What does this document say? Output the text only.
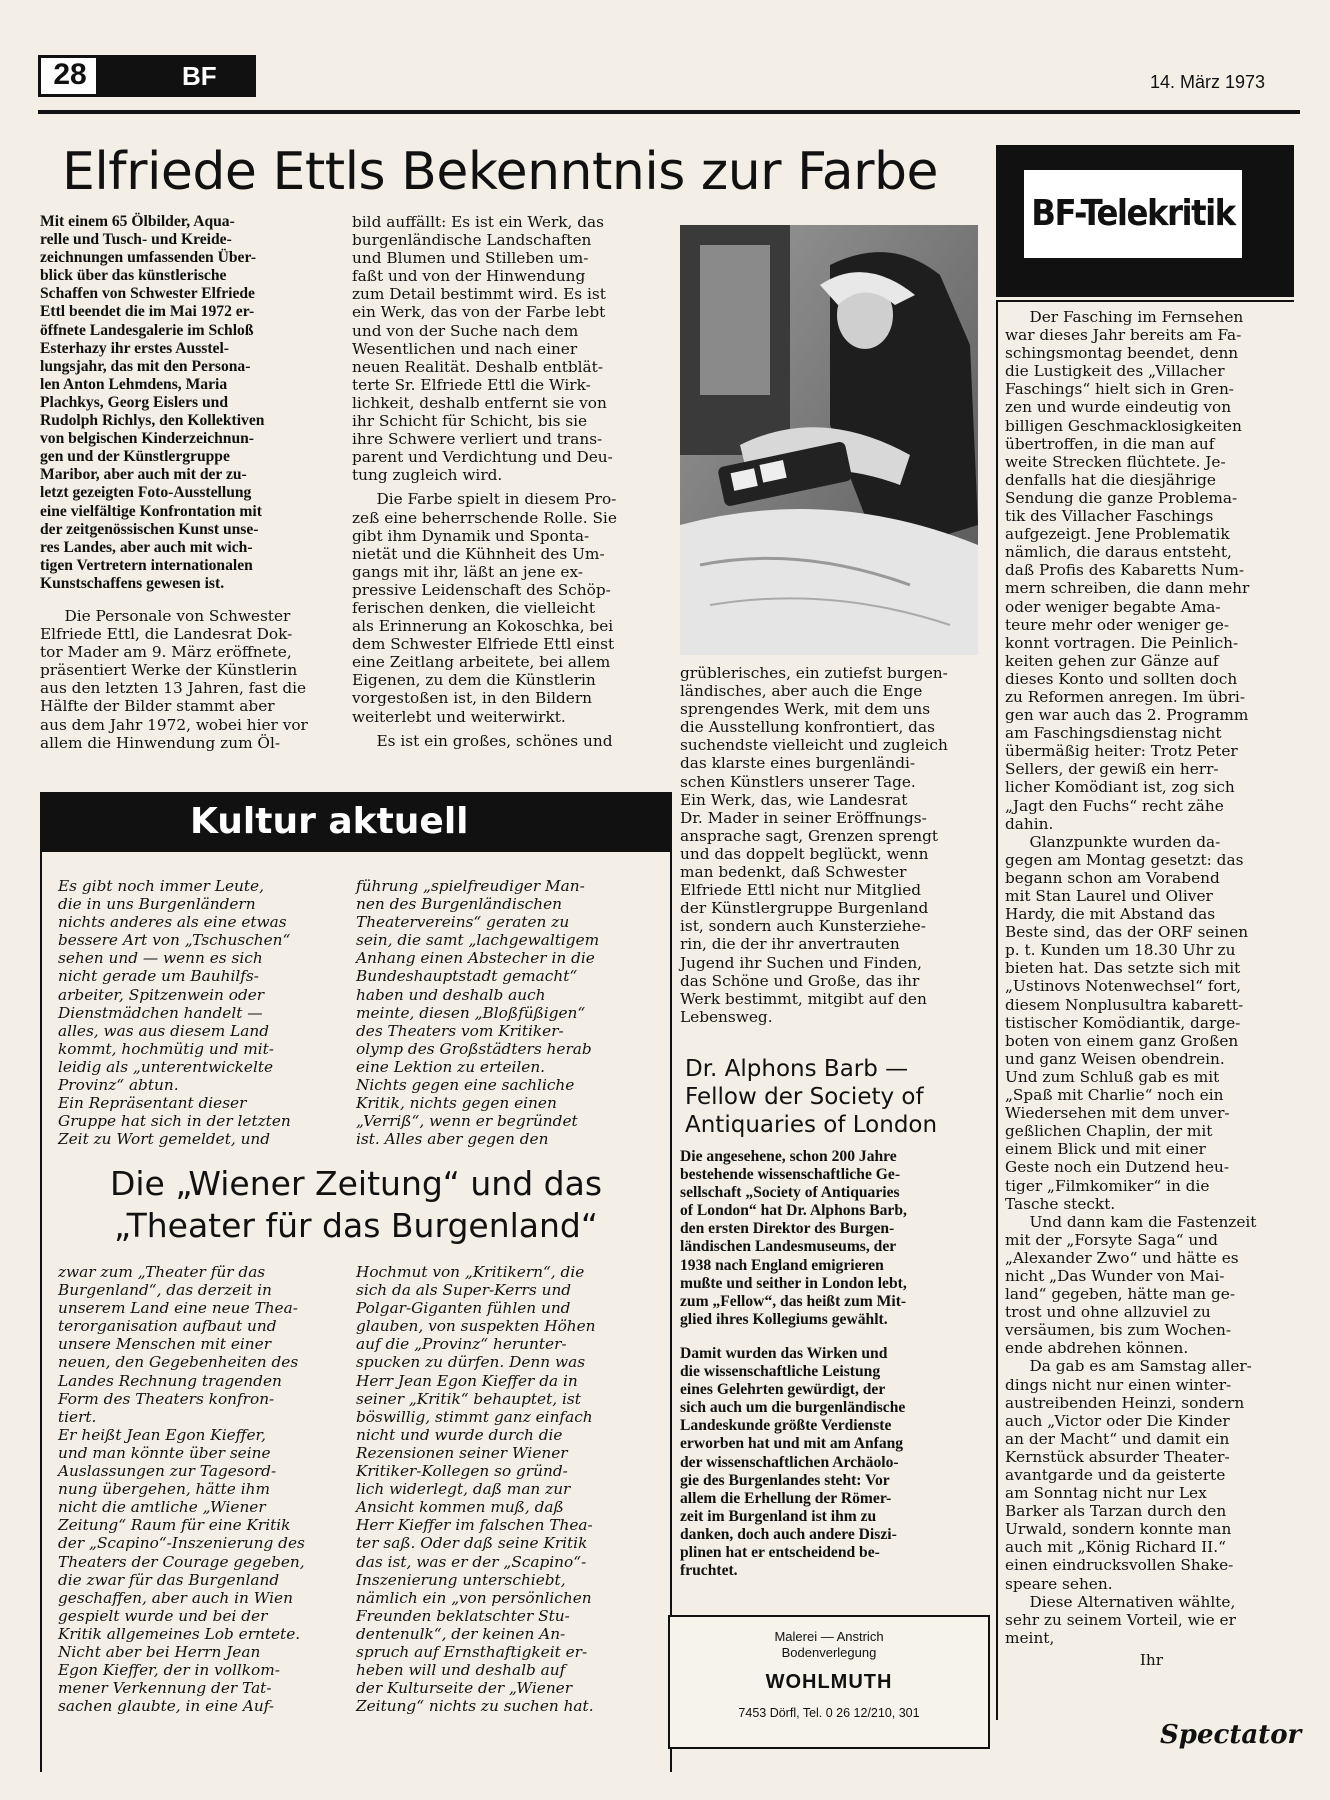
28	BF	14. März 1973
Elfriede Ettls Bekenntnis zur Farbe
Mit einem 65 Ölbilder, Aqua-
relle und Tusch- und Kreide-
zeichnungen umfassenden Über-
blick über das künstlerische
Schaffen von Schwester Elfriede
Ettl beendet die im Mai 1972 er-
öffnete Landesgalerie im Schloß
Esterhazy ihr erstes Ausstel-
lungsjahr, das mit den Persona-
len Anton Lehmdens, Maria
Plachkys, Georg Eislers und
Rudolph Richlys, den Kollektiven
von belgischen Kinderzeichnun-
gen und der Künstlergruppe
Maribor, aber auch mit der zu-
letzt gezeigten Foto-Ausstellung
eine vielfältige Konfrontation mit
der zeitgenössischen Kunst unse-
res Landes, aber auch mit wich-
tigen Vertretern internationalen
Kunstschaffens gewesen ist.
Die Personale von Schwester
Elfriede Ettl, die Landesrat Dok-
tor Mader am 9. März eröffnete,
präsentiert Werke der Künstlerin
aus den letzten 13 Jahren, fast die
Hälfte der Bilder stammt aber
aus dem Jahr 1972, wobei hier vor
allem die Hinwendung zum Öl-
bild auffällt: Es ist ein Werk, das
burgenländische Landschaften
und Blumen und Stilleben um-
faßt und von der Hinwendung
zum Detail bestimmt wird. Es ist
ein Werk, das von der Farbe lebt
und von der Suche nach dem
Wesentlichen und nach einer
neuen Realität. Deshalb entblät-
terte Sr. Elfriede Ettl die Wirk-
lichkeit, deshalb entfernt sie von
ihr Schicht für Schicht, bis sie
ihre Schwere verliert und trans-
parent und Verdichtung und Deu-
tung zugleich wird.
Die Farbe spielt in diesem Pro-
zeß eine beherrschende Rolle. Sie
gibt ihm Dynamik und Sponta-
nietät und die Kühnheit des Um-
gangs mit ihr, läßt an jene ex-
pressive Leidenschaft des Schöp-
ferischen denken, die vielleicht
als Erinnerung an Kokoschka, bei
dem Schwester Elfriede Ettl einst
eine Zeitlang arbeitete, bei allem
Eigenen, zu dem die Künstlerin
vorgestoßen ist, in den Bildern
weiterlebt und weiterwirkt.
Es ist ein großes, schönes und
grüblerisches, ein zutiefst burgen-
ländisches, aber auch die Enge
sprengendes Werk, mit dem uns
die Ausstellung konfrontiert, das
suchendste vielleicht und zugleich
das klarste eines burgenländi-
schen Künstlers unserer Tage.
Ein Werk, das, wie Landesrat
Dr. Mader in seiner Eröffnungs-
ansprache sagt, Grenzen sprengt
und das doppelt beglückt, wenn
man bedenkt, daß Schwester
Elfriede Ettl nicht nur Mitglied
der Künstlergruppe Burgenland
ist, sondern auch Kunsterziehe-
rin, die der ihr anvertrauten
Jugend ihr Suchen und Finden,
das Schöne und Große, das ihr
Werk bestimmt, mitgibt auf den
Lebensweg.
Kultur aktuell
Es gibt noch immer Leute,
die in uns Burgenländern
nichts anderes als eine etwas
bessere Art von „Tschuschen“
sehen und — wenn es sich
nicht gerade um Bauhilfs-
arbeiter, Spitzenwein oder
Dienstmädchen handelt —
alles, was aus diesem Land
kommt, hochmütig und mit-
leidig als „unterentwickelte
Provinz“ abtun.
Ein Repräsentant dieser
Gruppe hat sich in der letzten
Zeit zu Wort gemeldet, und
führung „spielfreudiger Man-
nen des Burgenländischen
Theatervereins“ geraten zu
sein, die samt „lachgewaltigem
Anhang einen Abstecher in die
Bundeshauptstadt gemacht“
haben und deshalb auch
meinte, diesen „Bloßfüßigen“
des Theaters vom Kritiker-
olymp des Großstädters herab
eine Lektion zu erteilen.
Nichts gegen eine sachliche
Kritik, nichts gegen einen
„Verriß“, wenn er begründet
ist. Alles aber gegen den
Die „Wiener Zeitung“ und das
„Theater für das Burgenland“
zwar zum „Theater für das
Burgenland“, das derzeit in
unserem Land eine neue Thea-
terorganisation aufbaut und
unsere Menschen mit einer
neuen, den Gegebenheiten des
Landes Rechnung tragenden
Form des Theaters konfron-
tiert.
Er heißt Jean Egon Kieffer,
und man könnte über seine
Auslassungen zur Tagesord-
nung übergehen, hätte ihm
nicht die amtliche „Wiener
Zeitung“ Raum für eine Kritik
der „Scapino“-Inszenierung des
Theaters der Courage gegeben,
die zwar für das Burgenland
geschaffen, aber auch in Wien
gespielt wurde und bei der
Kritik allgemeines Lob erntete.
Nicht aber bei Herrn Jean
Egon Kieffer, der in vollkom-
mener Verkennung der Tat-
sachen glaubte, in eine Auf-
Hochmut von „Kritikern“, die
sich da als Super-Kerrs und
Polgar-Giganten fühlen und
glauben, von suspekten Höhen
auf die „Provinz“ herunter-
spucken zu dürfen. Denn was
Herr Jean Egon Kieffer da in
seiner „Kritik“ behauptet, ist
böswillig, stimmt ganz einfach
nicht und wurde durch die
Rezensionen seiner Wiener
Kritiker-Kollegen so gründ-
lich widerlegt, daß man zur
Ansicht kommen muß, daß
Herr Kieffer im falschen Thea-
ter saß. Oder daß seine Kritik
das ist, was er der „Scapino“-
Inszenierung unterschiebt,
nämlich ein „von persönlichen
Freunden beklatschter Stu-
dentenulk“, der keinen An-
spruch auf Ernsthaftigkeit er-
heben will und deshalb auf
der Kulturseite der „Wiener
Zeitung“ nichts zu suchen hat.
Dr. Alphons Barb —
Fellow der Society of
Antiquaries of London
Die angesehene, schon 200 Jahre
bestehende wissenschaftliche Ge-
sellschaft „Society of Antiquaries
of London“ hat Dr. Alphons Barb,
den ersten Direktor des Burgen-
ländischen Landesmuseums, der
1938 nach England emigrieren
mußte und seither in London lebt,
zum „Fellow“, das heißt zum Mit-
glied ihres Kollegiums gewählt.
Damit wurden das Wirken und
die wissenschaftliche Leistung
eines Gelehrten gewürdigt, der
sich auch um die burgenländische
Landeskunde größte Verdienste
erworben hat und mit am Anfang
der wissenschaftlichen Archäolo-
gie des Burgenlandes steht: Vor
allem die Erhellung der Römer-
zeit im Burgenland ist ihm zu
danken, doch auch andere Diszi-
plinen hat er entscheidend be-
fruchtet.
Malerei — Anstrich
Bodenverlegung
WOHLMUTH
7453 Dörfl, Tel. 0 26 12/210, 301
BF-Telekritik
Der Fasching im Fernsehen
war dieses Jahr bereits am Fa-
schingsmontag beendet, denn
die Lustigkeit des „Villacher
Faschings“ hielt sich in Gren-
zen und wurde eindeutig von
billigen Geschmacklosigkeiten
übertroffen, in die man auf
weite Strecken flüchtete. Je-
denfalls hat die diesjährige
Sendung die ganze Problema-
tik des Villacher Faschings
aufgezeigt. Jene Problematik
nämlich, die daraus entsteht,
daß Profis des Kabaretts Num-
mern schreiben, die dann mehr
oder weniger begabte Ama-
teure mehr oder weniger ge-
konnt vortragen. Die Peinlich-
keiten gehen zur Gänze auf
dieses Konto und sollten doch
zu Reformen anregen. Im übri-
gen war auch das 2. Programm
am Faschingsdienstag nicht
übermäßig heiter: Trotz Peter
Sellers, der gewiß ein herr-
licher Komödiant ist, zog sich
„Jagt den Fuchs“ recht zähe
dahin.
Glanzpunkte wurden da-
gegen am Montag gesetzt: das
begann schon am Vorabend
mit Stan Laurel und Oliver
Hardy, die mit Abstand das
Beste sind, das der ORF seinen
p. t. Kunden um 18.30 Uhr zu
bieten hat. Das setzte sich mit
„Ustinovs Notenwechsel“ fort,
diesem Nonplusultra kabarett-
tistischer Komödiantik, darge-
boten von einem ganz Großen
und ganz Weisen obendrein.
Und zum Schluß gab es mit
„Spaß mit Charlie“ noch ein
Wiedersehen mit dem unver-
geßlichen Chaplin, der mit
einem Blick und mit einer
Geste noch ein Dutzend heu-
tiger „Filmkomiker“ in die
Tasche steckt.
Und dann kam die Fastenzeit
mit der „Forsyte Saga“ und
„Alexander Zwo“ und hätte es
nicht „Das Wunder von Mai-
land“ gegeben, hätte man ge-
trost und ohne allzuviel zu
versäumen, bis zum Wochen-
ende abdrehen können.
Da gab es am Samstag aller-
dings nicht nur einen winter-
austreibenden Heinzi, sondern
auch „Victor oder Die Kinder
an der Macht“ und damit ein
Kernstück absurder Theater-
avantgarde und da geisterte
am Sonntag nicht nur Lex
Barker als Tarzan durch den
Urwald, sondern konnte man
auch mit „König Richard II.“
einen eindrucksvollen Shake-
speare sehen.
Diese Alternativen wählte,
sehr zu seinem Vorteil, wie er
meint,
Ihr
Spectator
